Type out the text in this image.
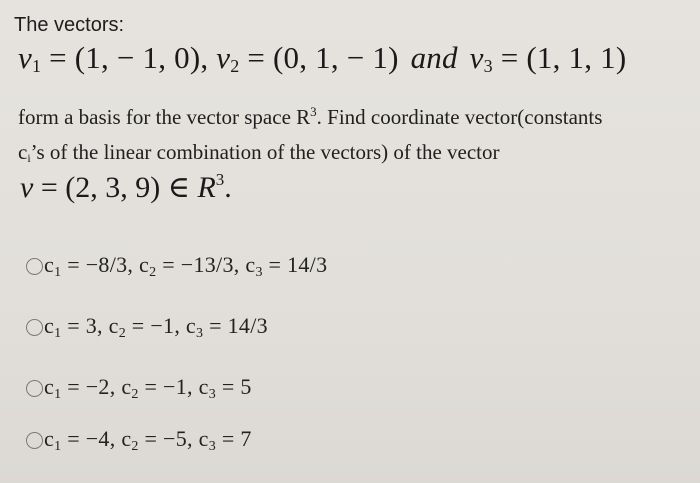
The vectors:
$v_1 = (1$, − 1, 0), $v_2 = (0$, 1, − 1) and $v_3 = (1$, 1, 1)
form a basis for the vector space $R^3$. Find coordinate vector(constants
$c_i’s$ of the linear combination of the vectors) of the vector
v = (2, 3, 9) ∈ $R^3$.
$c_1 = -8/3$, $c_2 = -13/3$, $c_3 = 14/3$
$c_1 = 3$, $c_2 = -1$, $c_3 = 14/3$
$c_1 = -2$, $c_2 = -1$, $c_3 = 5$
$c_1 = -4$, $c_2 = -5$, $c_3 = 7$
